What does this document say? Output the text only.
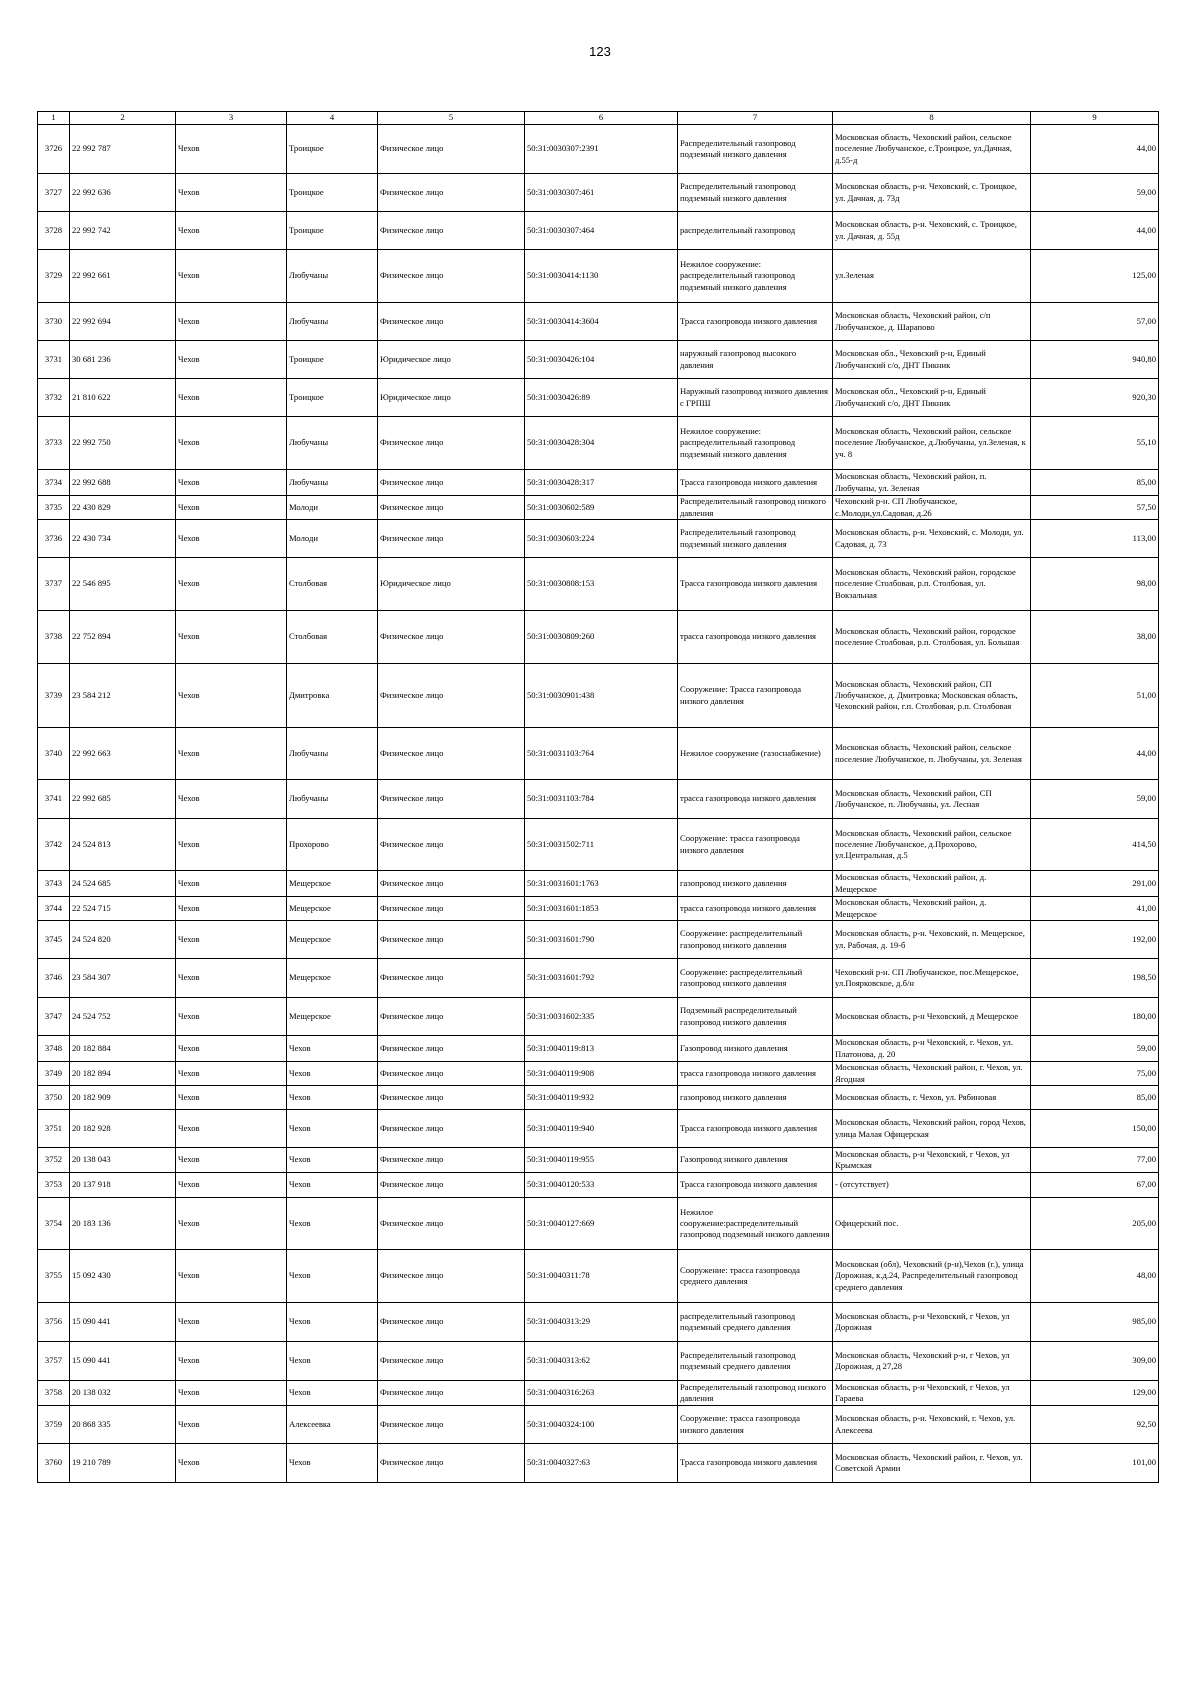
123
1	2	3	4	5	6	7	8	9
3726	22 992 787	Чехов	Троицкое	Физическое лицо	50:31:0030307:2391	Распределительный газопровод подземный низкого давления	Московская область, Чеховский район, сельское поселение Любучанское, с.Троицкое, ул.Дачная, д.55-д	44,00
3727	22 992 636	Чехов	Троицкое	Физическое лицо	50:31:0030307:461	Распределительный газопровод подземный низкого давления	Московская область, р-н. Чеховский, с. Троицкое, ул. Дачная, д. 73д	59,00
3728	22 992 742	Чехов	Троицкое	Физическое лицо	50:31:0030307:464	распределительный газопровод	Московская область, р-н. Чеховский, с. Троицкое, ул. Дачная, д. 55д	44,00
3729	22 992 661	Чехов	Любучаны	Физическое лицо	50:31:0030414:1130	Нежилое сооружение: распределительный газопровод подземный низкого давления	ул.Зеленая	125,00
3730	22 992 694	Чехов	Любучаны	Физическое лицо	50:31:0030414:3604	Трасса газопровода низкого давления	Московская область, Чеховский район, с/п Любучанское, д. Шарапово	57,00
3731	30 681 236	Чехов	Троицкое	Юридическое лицо	50:31:0030426:104	наружный газопровод высокого давления	Московская обл., Чеховский р-н, Единый Любучанский с/о, ДНТ Пикник	940,80
3732	21 810 622	Чехов	Троицкое	Юридическое лицо	50:31:0030426:89	Наружный газопровод низкого давления с ГРПШ	Московская обл., Чеховский р-н, Единый Любучанский с/о, ДНТ Пикник	920,30
3733	22 992 750	Чехов	Любучаны	Физическое лицо	50:31:0030428:304	Нежилое сооружение: распределительный газопровод подземный низкого давления	Московская область, Чеховский район, сельское поселение Любучанское, д.Любучаны, ул.Зеленая, к уч. 8	55,10
3734	22 992 688	Чехов	Любучаны	Физическое лицо	50:31:0030428:317	Трасса газопровода низкого давления	Московская область, Чеховский район, п. Любучаны, ул. Зеленая	85,00
3735	22 430 829	Чехов	Молоди	Физическое лицо	50:31:0030602:589	Распределительный газопровод низкого давления	Чеховский р-н. СП Любучанское, с.Молоди,ул.Садовая, д.26	57,50
3736	22 430 734	Чехов	Молоди	Физическое лицо	50:31:0030603:224	Распределительный газопровод подземный низкого давления	Московская область, р-н. Чеховский, с. Молоди, ул. Садовая, д. 73	113,00
3737	22 546 895	Чехов	Столбовая	Юридическое лицо	50:31:0030808:153	Трасса газопровода низкого давления	Московская область, Чеховский район, городское поселение Столбовая, р.п. Столбовая, ул. Вокзальная	98,00
3738	22 752 894	Чехов	Столбовая	Физическое лицо	50:31:0030809:260	трасса газопровода низкого давления	Московская область, Чеховский район, городское поселение Столбовая, р.п. Столбовая, ул. Большая	38,00
3739	23 584 212	Чехов	Дмитровка	Физическое лицо	50:31:0030901:438	Сооружение: Трасса газопровода низкого давления	Московская область, Чеховский район, СП Любучанское, д. Дмитровка; Московская область, Чеховский район, г.п. Столбовая, р.п. Столбовая	51,00
3740	22 992 663	Чехов	Любучаны	Физическое лицо	50:31:0031103:764	Нежилое сооружение (газоснабжение)	Московская область, Чеховский район, сельское поселение Любучанское, п. Любучаны, ул. Зеленая	44,00
3741	22 992 685	Чехов	Любучаны	Физическое лицо	50:31:0031103:784	трасса газопровода низкого давления	Московская область, Чеховский район, СП Любучанское, п. Любучаны, ул. Лесная	59,00
3742	24 524 813	Чехов	Прохорово	Физическое лицо	50:31:0031502:711	Сооружение: трасса газопровода низкого давления	Московская область, Чеховский район, сельское поселение Любучанское, д.Прохорово, ул.Центральная, д.5	414,50
3743	24 524 685	Чехов	Мещерское	Физическое лицо	50:31:0031601:1763	газопровод низкого давления	Московская область, Чеховский район, д. Мещерское	291,00
3744	22 524 715	Чехов	Мещерское	Физическое лицо	50:31:0031601:1853	трасса газопровода низкого давления	Московская область, Чеховский район, д. Мещерское	41,00
3745	24 524 820	Чехов	Мещерское	Физическое лицо	50:31:0031601:790	Сооружение: распределительный газопровод низкого давления	Московская область, р-н. Чеховский, п. Мещерское, ул. Рабочая, д. 19-б	192,00
3746	23 584 307	Чехов	Мещерское	Физическое лицо	50:31:0031601:792	Сооружение: распределительный газопровод низкого давления	Чеховский р-н. СП Любучанское, пос.Мещерское, ул.Поярковское, д.б/н	198,50
3747	24 524 752	Чехов	Мещерское	Физическое лицо	50:31:0031602:335	Подземный распределительный газопровод низкого давления	Московская область, р-н Чеховский, д Мещерское	180,00
3748	20 182 884	Чехов	Чехов	Физическое лицо	50:31:0040119:813	Газопровод низкого давления	Московская область, р-н Чеховский, г. Чехов, ул. Платонова, д. 20	59,00
3749	20 182 894	Чехов	Чехов	Физическое лицо	50:31:0040119:908	трасса газопровода низкого давления	Московская область, Чеховский район, г. Чехов, ул. Ягодная	75,00
3750	20 182 909	Чехов	Чехов	Физическое лицо	50:31:0040119:932	газопровод низкого давления	Московская область, г. Чехов, ул. Рябиновая	85,00
3751	20 182 928	Чехов	Чехов	Физическое лицо	50:31:0040119:940	Трасса газопровода низкого давления	Московская область, Чеховский район, город Чехов, улица Малая Офицерская	150,00
3752	20 138 043	Чехов	Чехов	Физическое лицо	50:31:0040119:955	Газопровод низкого давления	Московская область, р-н Чеховский, г Чехов, ул Крымская	77,00
3753	20 137 918	Чехов	Чехов	Физическое лицо	50:31:0040120:533	Трасса газопровода низкого давления	- (отсутствует)	67,00
3754	20 183 136	Чехов	Чехов	Физическое лицо	50:31:0040127:669	Нежилое сооружение:распределительный газопровод подземный низкого давления	Офицерский пос.	205,00
3755	15 092 430	Чехов	Чехов	Физическое лицо	50:31:0040311:78	Сооружение: трасса газопровода среднего давления	Московская (обл), Чеховский (р-н),Чехов (г.), улица Дорожная, к.д.24, Распределительный газопровод среднего давления	48,00
3756	15 090 441	Чехов	Чехов	Физическое лицо	50:31:0040313:29	распределительный газопровод подземный среднего давления	Московская область, р-н Чеховский, г Чехов, ул Дорожная	985,00
3757	15 090 441	Чехов	Чехов	Физическое лицо	50:31:0040313:62	Распределительный газопровод подземный среднего давления	Московская область, Чеховский р-н, г Чехов, ул Дорожная, д 27,28	309,00
3758	20 138 032	Чехов	Чехов	Физическое лицо	50:31:0040316:263	Распределительный газопровод низкого давления	Московская область, р-н Чеховский, г Чехов, ул Гараева	129,00
3759	20 868 335	Чехов	Алексеевка	Физическое лицо	50:31:0040324:100	Сооружение: трасса газопровода низкого давления	Московская область, р-н. Чеховский, г. Чехов, ул. Алексеева	92,50
3760	19 210 789	Чехов	Чехов	Физическое лицо	50:31:0040327:63	Трасса газопровода низкого давления	Московская область, Чеховский район, г. Чехов, ул. Советской Армии	101,00
